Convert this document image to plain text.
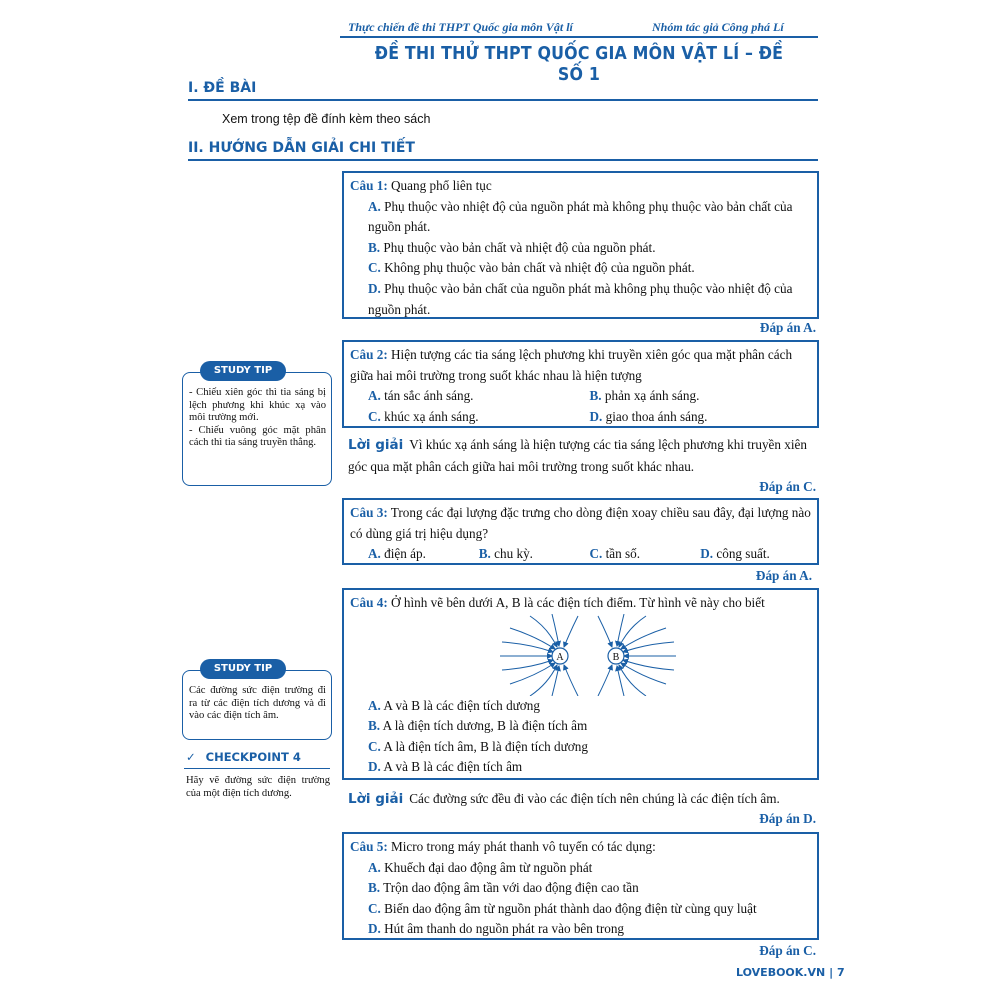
Thực chiến đề thi THPT Quốc gia môn Vật lí	Nhóm tác giả Công phá Lí
ĐỀ THI THỬ THPT QUỐC GIA MÔN VẬT LÍ – ĐỀ SỐ 1
I. ĐỀ BÀI
Xem trong tệp đề đính kèm theo sách
II. HƯỚNG DẪN GIẢI CHI TIẾT

Câu 1: Quang phổ liên tục

A. Phụ thuộc vào nhiệt độ của nguồn phát mà không phụ thuộc vào bản chất của nguồn phát.

B. Phụ thuộc vào bản chất và nhiệt độ của nguồn phát.

C. Không phụ thuộc vào bản chất và nhiệt độ của nguồn phát.

D. Phụ thuộc vào bản chất của nguồn phát mà không phụ thuộc vào nhiệt độ của nguồn phát.

Đáp án A.

Câu 2: Hiện tượng các tia sáng lệch phương khi truyền xiên góc qua mặt phân cách giữa hai môi trường trong suốt khác nhau là hiện tượng

A. tán sắc ánh sáng.	B. phản xạ ánh sáng.
C. khúc xạ ánh sáng.	D. giao thoa ánh sáng.
Lời giải Vì khúc xạ ánh sáng là hiện tượng các tia sáng lệch phương khi truyền xiên góc qua mặt phân cách giữa hai môi trường trong suốt khác nhau.
Đáp án C.

Câu 3: Trong các đại lượng đặc trưng cho dòng điện xoay chiều sau đây, đại lượng nào có dùng giá trị hiệu dụng?

A. điện áp.	B. chu kỳ.	C. tần số.	D. công suất.
Đáp án A.

Câu 4: Ở hình vẽ bên dưới A, B là các điện tích điểm. Từ hình vẽ này cho biết

A	B

A. A và B là các điện tích dương

B. A là điện tích dương, B là điện tích âm

C. A là điện tích âm, B là điện tích dương

D. A và B là các điện tích âm

Lời giải Các đường sức đều đi vào các điện tích nên chúng là các điện tích âm.
Đáp án D.

Câu 5: Micro trong máy phát thanh vô tuyến có tác dụng:

A. Khuếch đại dao động âm từ nguồn phát

B. Trộn dao động âm tần với dao động điện cao tần

C. Biến dao động âm từ nguồn phát thành dao động điện từ cùng quy luật

D. Hút âm thanh do nguồn phát ra vào bên trong

Đáp án C.
- Chiếu xiên góc thì tia sáng bị lệch phương khi khúc xạ vào môi trường mới.
- Chiếu vuông góc mặt phân cách thì tia sáng truyền thẳng.
STUDY TIP
Các đường sức điện trường đi ra từ các điện tích dương và đi vào các điện tích âm.
STUDY TIP
✓ CHECKPOINT 4
Hãy vẽ đường sức điện trường của một điện tích dương.
LOVEBOOK.VN | 7
